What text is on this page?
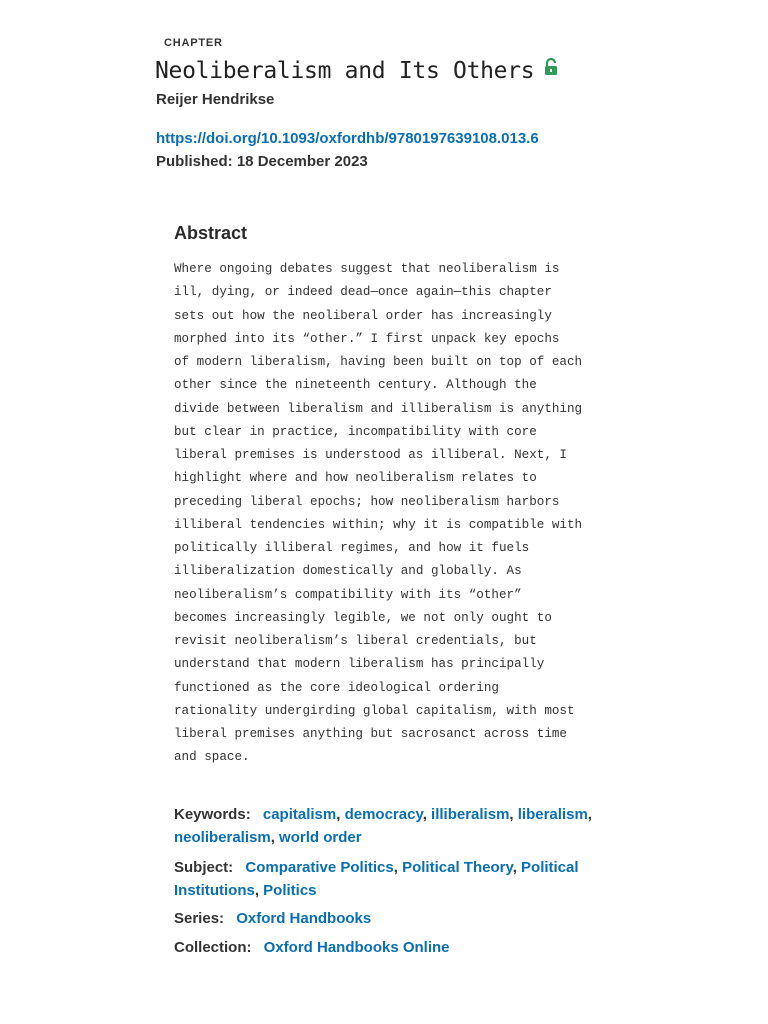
CHAPTER
Neoliberalism and Its Others
Reijer Hendrikse
https://doi.org/10.1093/oxfordhb/9780197639108.013.6
Published: 18 December 2023
Abstract
Where ongoing debates suggest that neoliberalism is
ill, dying, or indeed dead—once again—this chapter
sets out how the neoliberal order has increasingly
morphed into its “other.” I first unpack key epochs
of modern liberalism, having been built on top of each
other since the nineteenth century. Although the
divide between liberalism and illiberalism is anything
but clear in practice, incompatibility with core
liberal premises is understood as illiberal. Next, I
highlight where and how neoliberalism relates to
preceding liberal epochs; how neoliberalism harbors
illiberal tendencies within; why it is compatible with
politically illiberal regimes, and how it fuels
illiberalization domestically and globally. As
neoliberalism’s compatibility with its “other”
becomes increasingly legible, we not only ought to
revisit neoliberalism’s liberal credentials, but
understand that modern liberalism has principally
functioned as the core ideological ordering
rationality undergirding global capitalism, with most
liberal premises anything but sacrosanct across time
and space.
Keywords: capitalism, democracy, illiberalism, liberalism, neoliberalism, world order
Subject: Comparative Politics, Political Theory, Political Institutions, Politics
Series: Oxford Handbooks
Collection: Oxford Handbooks Online
